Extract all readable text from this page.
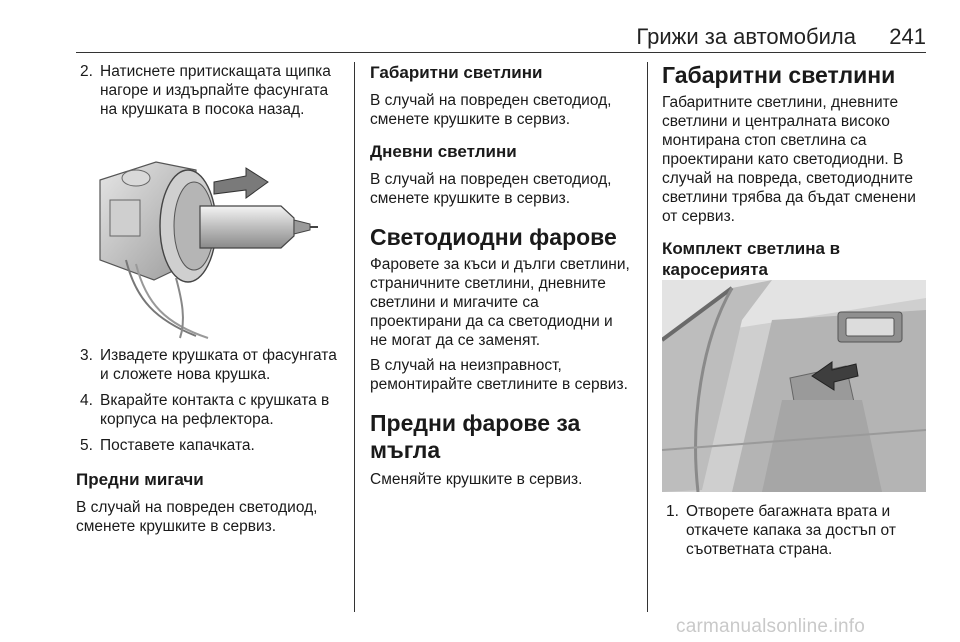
Грижи за автомобила 241
2. Натиснете притискащата щипка нагоре и издърпайте фасунгата на крушката в посока назад.
3. Извадете крушката от фасунгата и сложете нова крушка.
4. Вкарайте контакта с крушката в корпуса на рефлектора.
5. Поставете капачката.
Предни мигачи

В случай на повреден светодиод, сменете крушките в сервиз.

Габаритни светлини

В случай на повреден светодиод, сменете крушките в сервиз.

Дневни светлини

В случай на повреден светодиод, сменете крушките в сервиз.

Светодиодни фарове

Фаровете за къси и дълги светлини, страничните светлини, дневните светлини и мигачите са проектирани да са светодиодни и не могат да се заменят.

В случай на неизправност, ремонтирайте светлините в сервиз.

Предни фарове за мъгла

Сменяйте крушките в сервиз.

Габаритни светлини

Габаритните светлини, дневните светлини и централната високо монтирана стоп светлина са проектирани като светодиодни. В случай на повреда, светодиодните светлини трябва да бъдат сменени от сервиз.

Комплект светлина в каросерията
1. Отворете багажната врата и откачете капака за достъп от съответната страна.
carmanualsonline.info
